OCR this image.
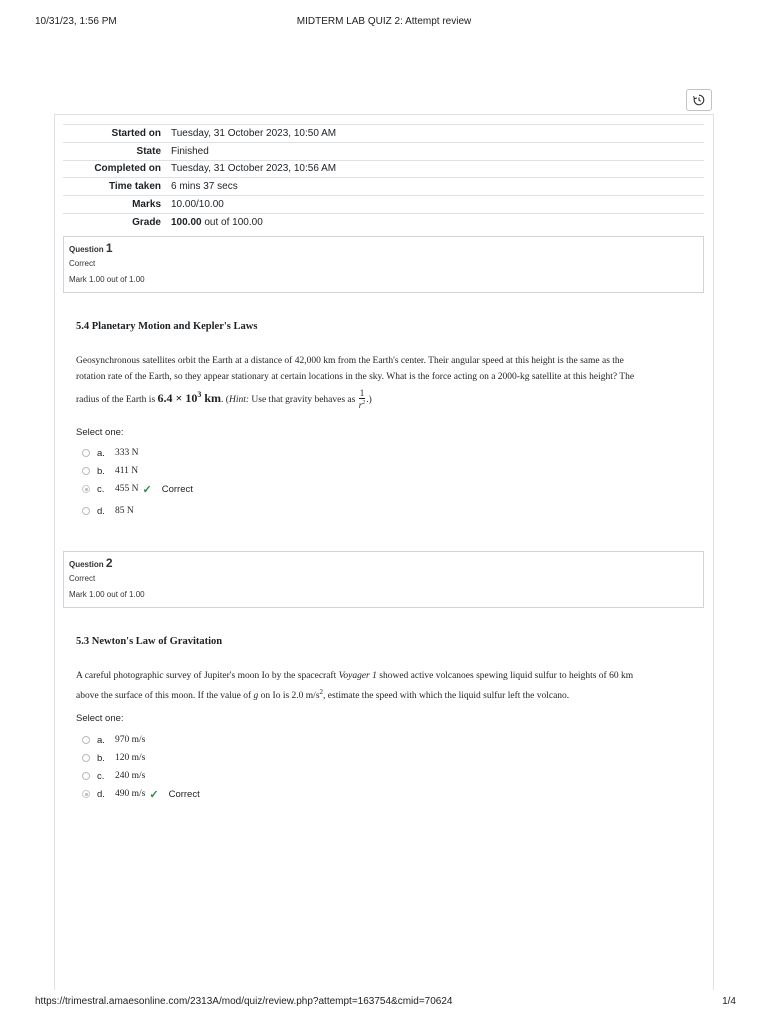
10/31/23, 1:56 PM	MIDTERM LAB QUIZ 2: Attempt review
https://trimestral.amaesonline.com/2313A/mod/quiz/review.php?attempt=163754&cmid=70624	1/4
Started on	Tuesday, 31 October 2023, 10:50 AM
State	Finished
Completed on	Tuesday, 31 October 2023, 10:56 AM
Time taken	6 mins 37 secs
Marks	10.00/10.00
Grade	100.00 out of 100.00
Question 1
Correct
Mark 1.00 out of 1.00
5.4 Planetary Motion and Kepler's Laws
Geosynchronous satellites orbit the Earth at a distance of 42,000 km from the Earth's center. Their angular speed at this height is the same as the
rotation rate of the Earth, so they appear stationary at certain locations in the sky. What is the force acting on a 2000-kg satellite at this height? The
radius of the Earth is $6.4 \times 10^3$ km. (Hint: Use that gravity behaves as $\frac{1}{r^2}$ .)
Select one:
a.	333 N
b.	411 N
c.	455 N ✓ Correct
d.	85 N
Question 2
Correct
Mark 1.00 out of 1.00
5.3 Newton's Law of Gravitation
A careful photographic survey of Jupiter's moon Io by the spacecraft Voyager 1 showed active volcanoes spewing liquid sulfur to heights of 60 km
above the surface of this moon. If the value of g on Io is 2.0 $m/s^2$, estimate the speed with which the liquid sulfur left the volcano.
Select one:
a.	970 m/s
b.	120 m/s
c.	240 m/s
d.	490 m/s ✓ Correct
